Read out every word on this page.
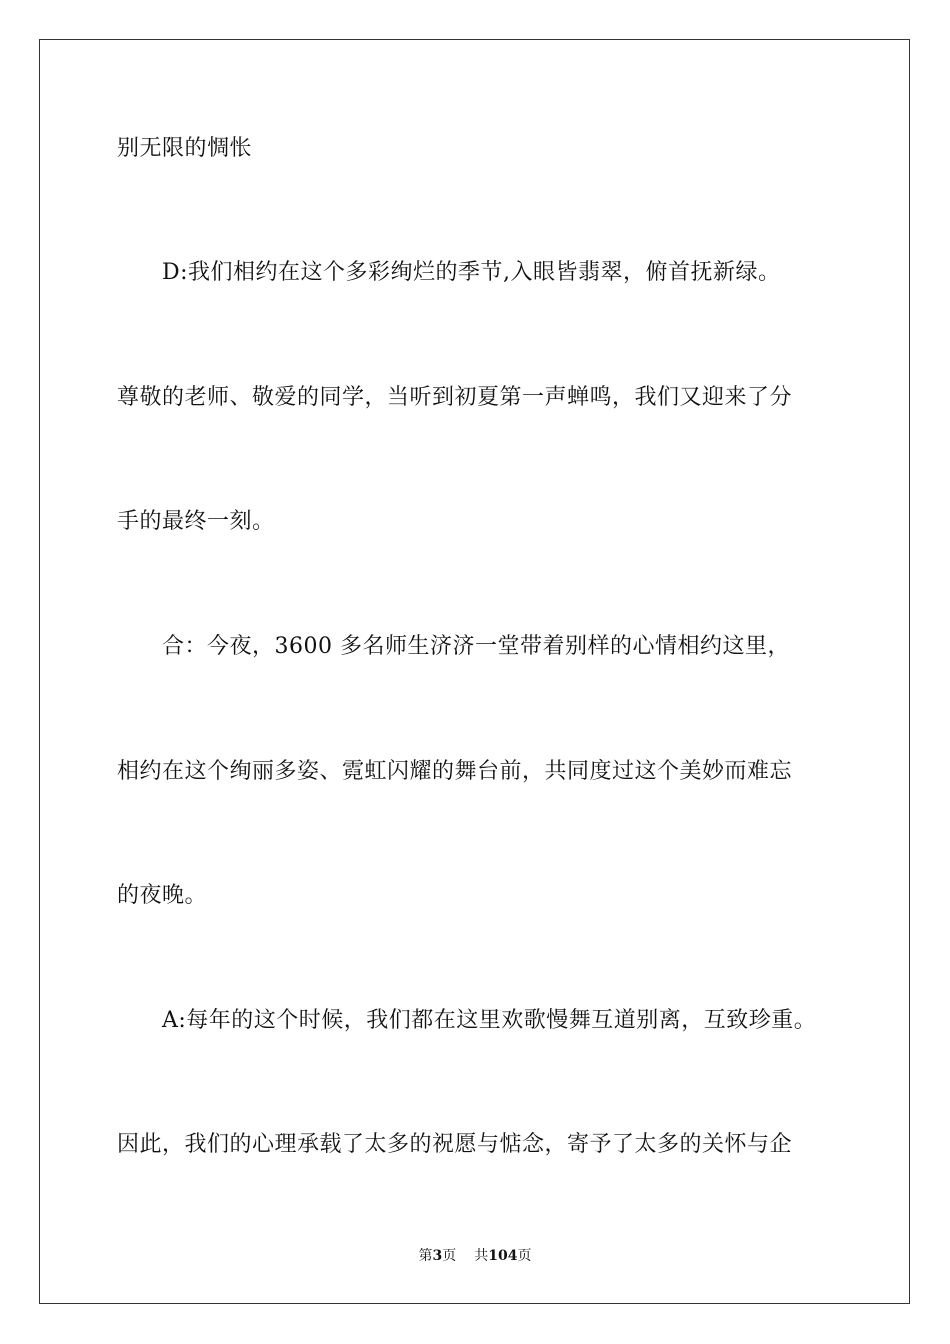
别无限的惆怅
D:我们相约在这个多彩绚烂的季节,入眼皆翡翠，俯首抚新绿。
尊敬的老师、敬爱的同学，当听到初夏第一声蝉鸣，我们又迎来了分
手的最终一刻。
合：今夜，3600 多名师生济济一堂带着别样的心情相约这里，
相约在这个绚丽多姿、霓虹闪耀的舞台前，共同度过这个美妙而难忘
的夜晚。
A:每年的这个时候，我们都在这里欢歌慢舞互道别离，互致珍重。
因此，我们的心理承载了太多的祝愿与惦念，寄予了太多的关怀与企
第3页 共104页
